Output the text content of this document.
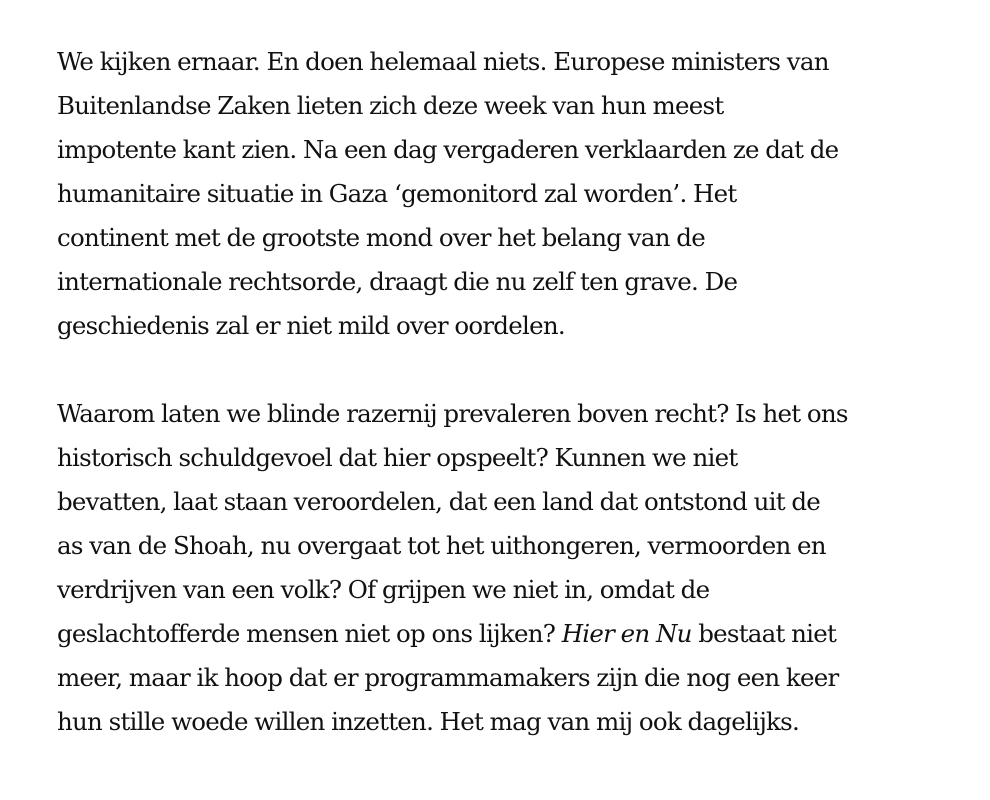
We kijken ernaar. En doen helemaal niets. Europese ministers van
Buitenlandse Zaken lieten zich deze week van hun meest
impotente kant zien. Na een dag vergaderen verklaarden ze dat de
humanitaire situatie in Gaza ‘gemonitord zal worden’. Het
continent met de grootste mond over het belang van de
internationale rechtsorde, draagt die nu zelf ten grave. De
geschiedenis zal er niet mild over oordelen.

Waarom laten we blinde razernij prevaleren boven recht? Is het ons
historisch schuldgevoel dat hier opspeelt? Kunnen we niet
bevatten, laat staan veroordelen, dat een land dat ontstond uit de
as van de Shoah, nu overgaat tot het uithongeren, vermoorden en
verdrijven van een volk? Of grijpen we niet in, omdat de
geslachtofferde mensen niet op ons lijken? Hier en Nu bestaat niet
meer, maar ik hoop dat er programmamakers zijn die nog een keer
hun stille woede willen inzetten. Het mag van mij ook dagelijks.
